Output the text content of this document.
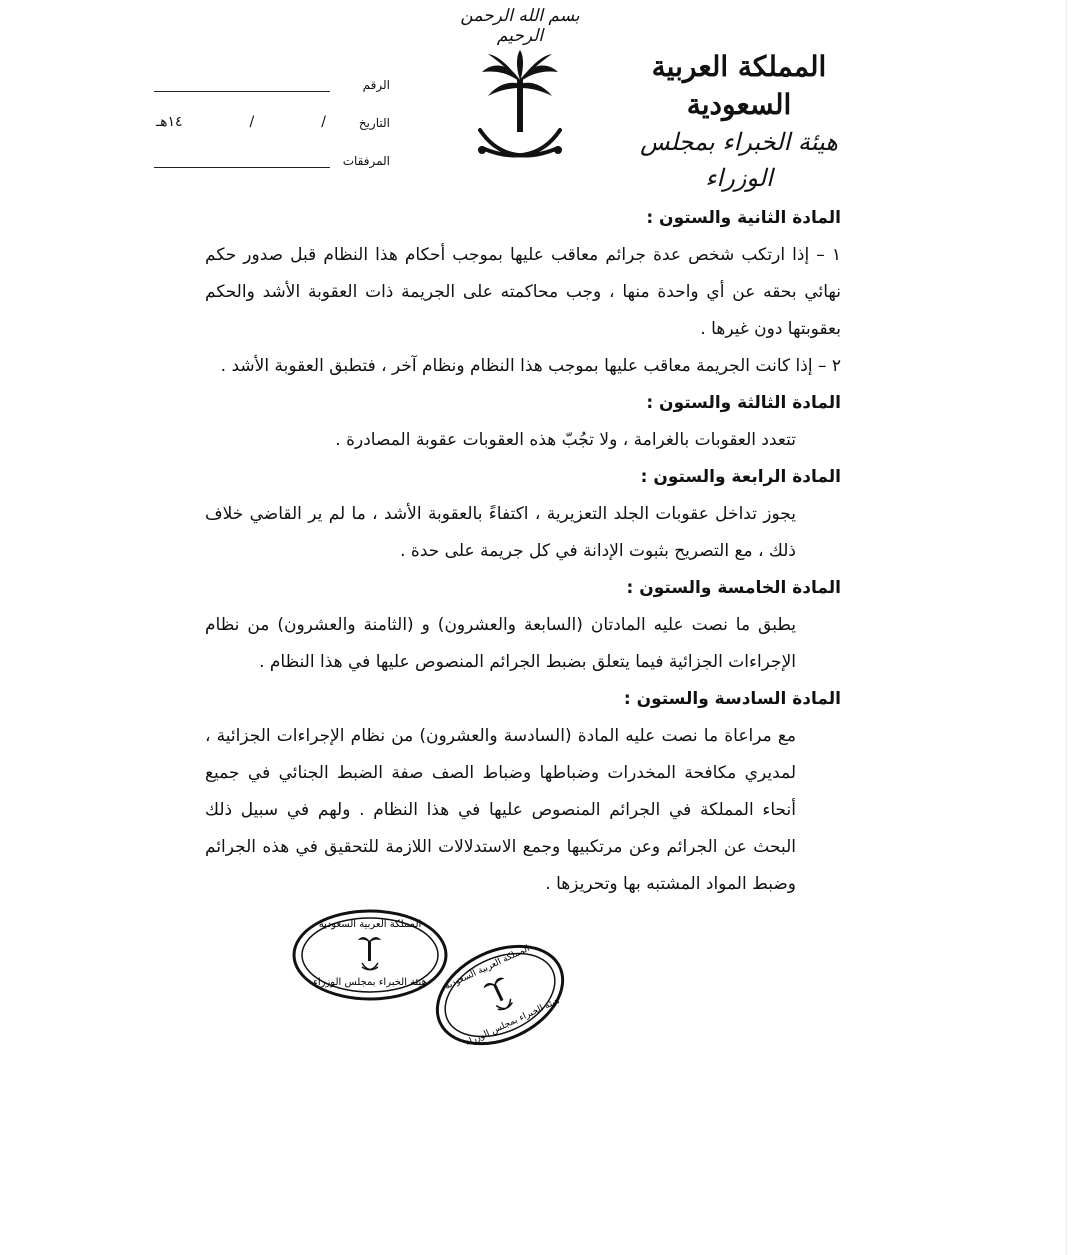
بسم الله الرحمن الرحيم
المملكة العربية السعودية
هيئة الخبراء بمجلس الوزراء
الرقم
التاريخ
/
/
١٤هـ
المرفقات
المادة الثانية والستون :
١ – إذا ارتكب شخص عدة جرائم معاقب عليها بموجب أحكام هذا النظام قبل صدور حكم نهائي بحقه عن أي واحدة منها ، وجب محاكمته على الجريمة ذات العقوبة الأشد والحكم بعقوبتها دون غيرها .
٢ – إذا كانت الجريمة معاقب عليها بموجب هذا النظام ونظام آخر ، فتطبق العقوبة الأشد .
المادة الثالثة والستون :
تتعدد العقوبات بالغرامة ، ولا تجُبّ هذه العقوبات عقوبة المصادرة .
المادة الرابعة والستون :
يجوز تداخل عقوبات الجلد التعزيرية ، اكتفاءً بالعقوبة الأشد ، ما لم ير القاضي خلاف ذلك ، مع التصريح بثبوت الإدانة في كل جريمة على حدة .
المادة الخامسة والستون :
يطبق ما نصت عليه المادتان (السابعة والعشرون) و (الثامنة والعشرون) من نظام الإجراءات الجزائية فيما يتعلق بضبط الجرائم المنصوص عليها في هذا النظام .
المادة السادسة والستون :
مع مراعاة ما نصت عليه المادة (السادسة والعشرون) من نظام الإجراءات الجزائية ، لمديري مكافحة المخدرات وضباطها وضباط الصف صفة الضبط الجنائي في جميع أنحاء المملكة في الجرائم المنصوص عليها في هذا النظام . ولهم في سبيل ذلك البحث عن الجرائم وعن مرتكبيها وجمع الاستدلالات اللازمة للتحقيق في هذه الجرائم وضبط المواد المشتبه بها وتحريزها .
المملكة العربية السعودية
هيئة الخبراء بمجلس الوزراء المملكة العربية السعودية
هيئة الخبراء بمجلس الوزراء
